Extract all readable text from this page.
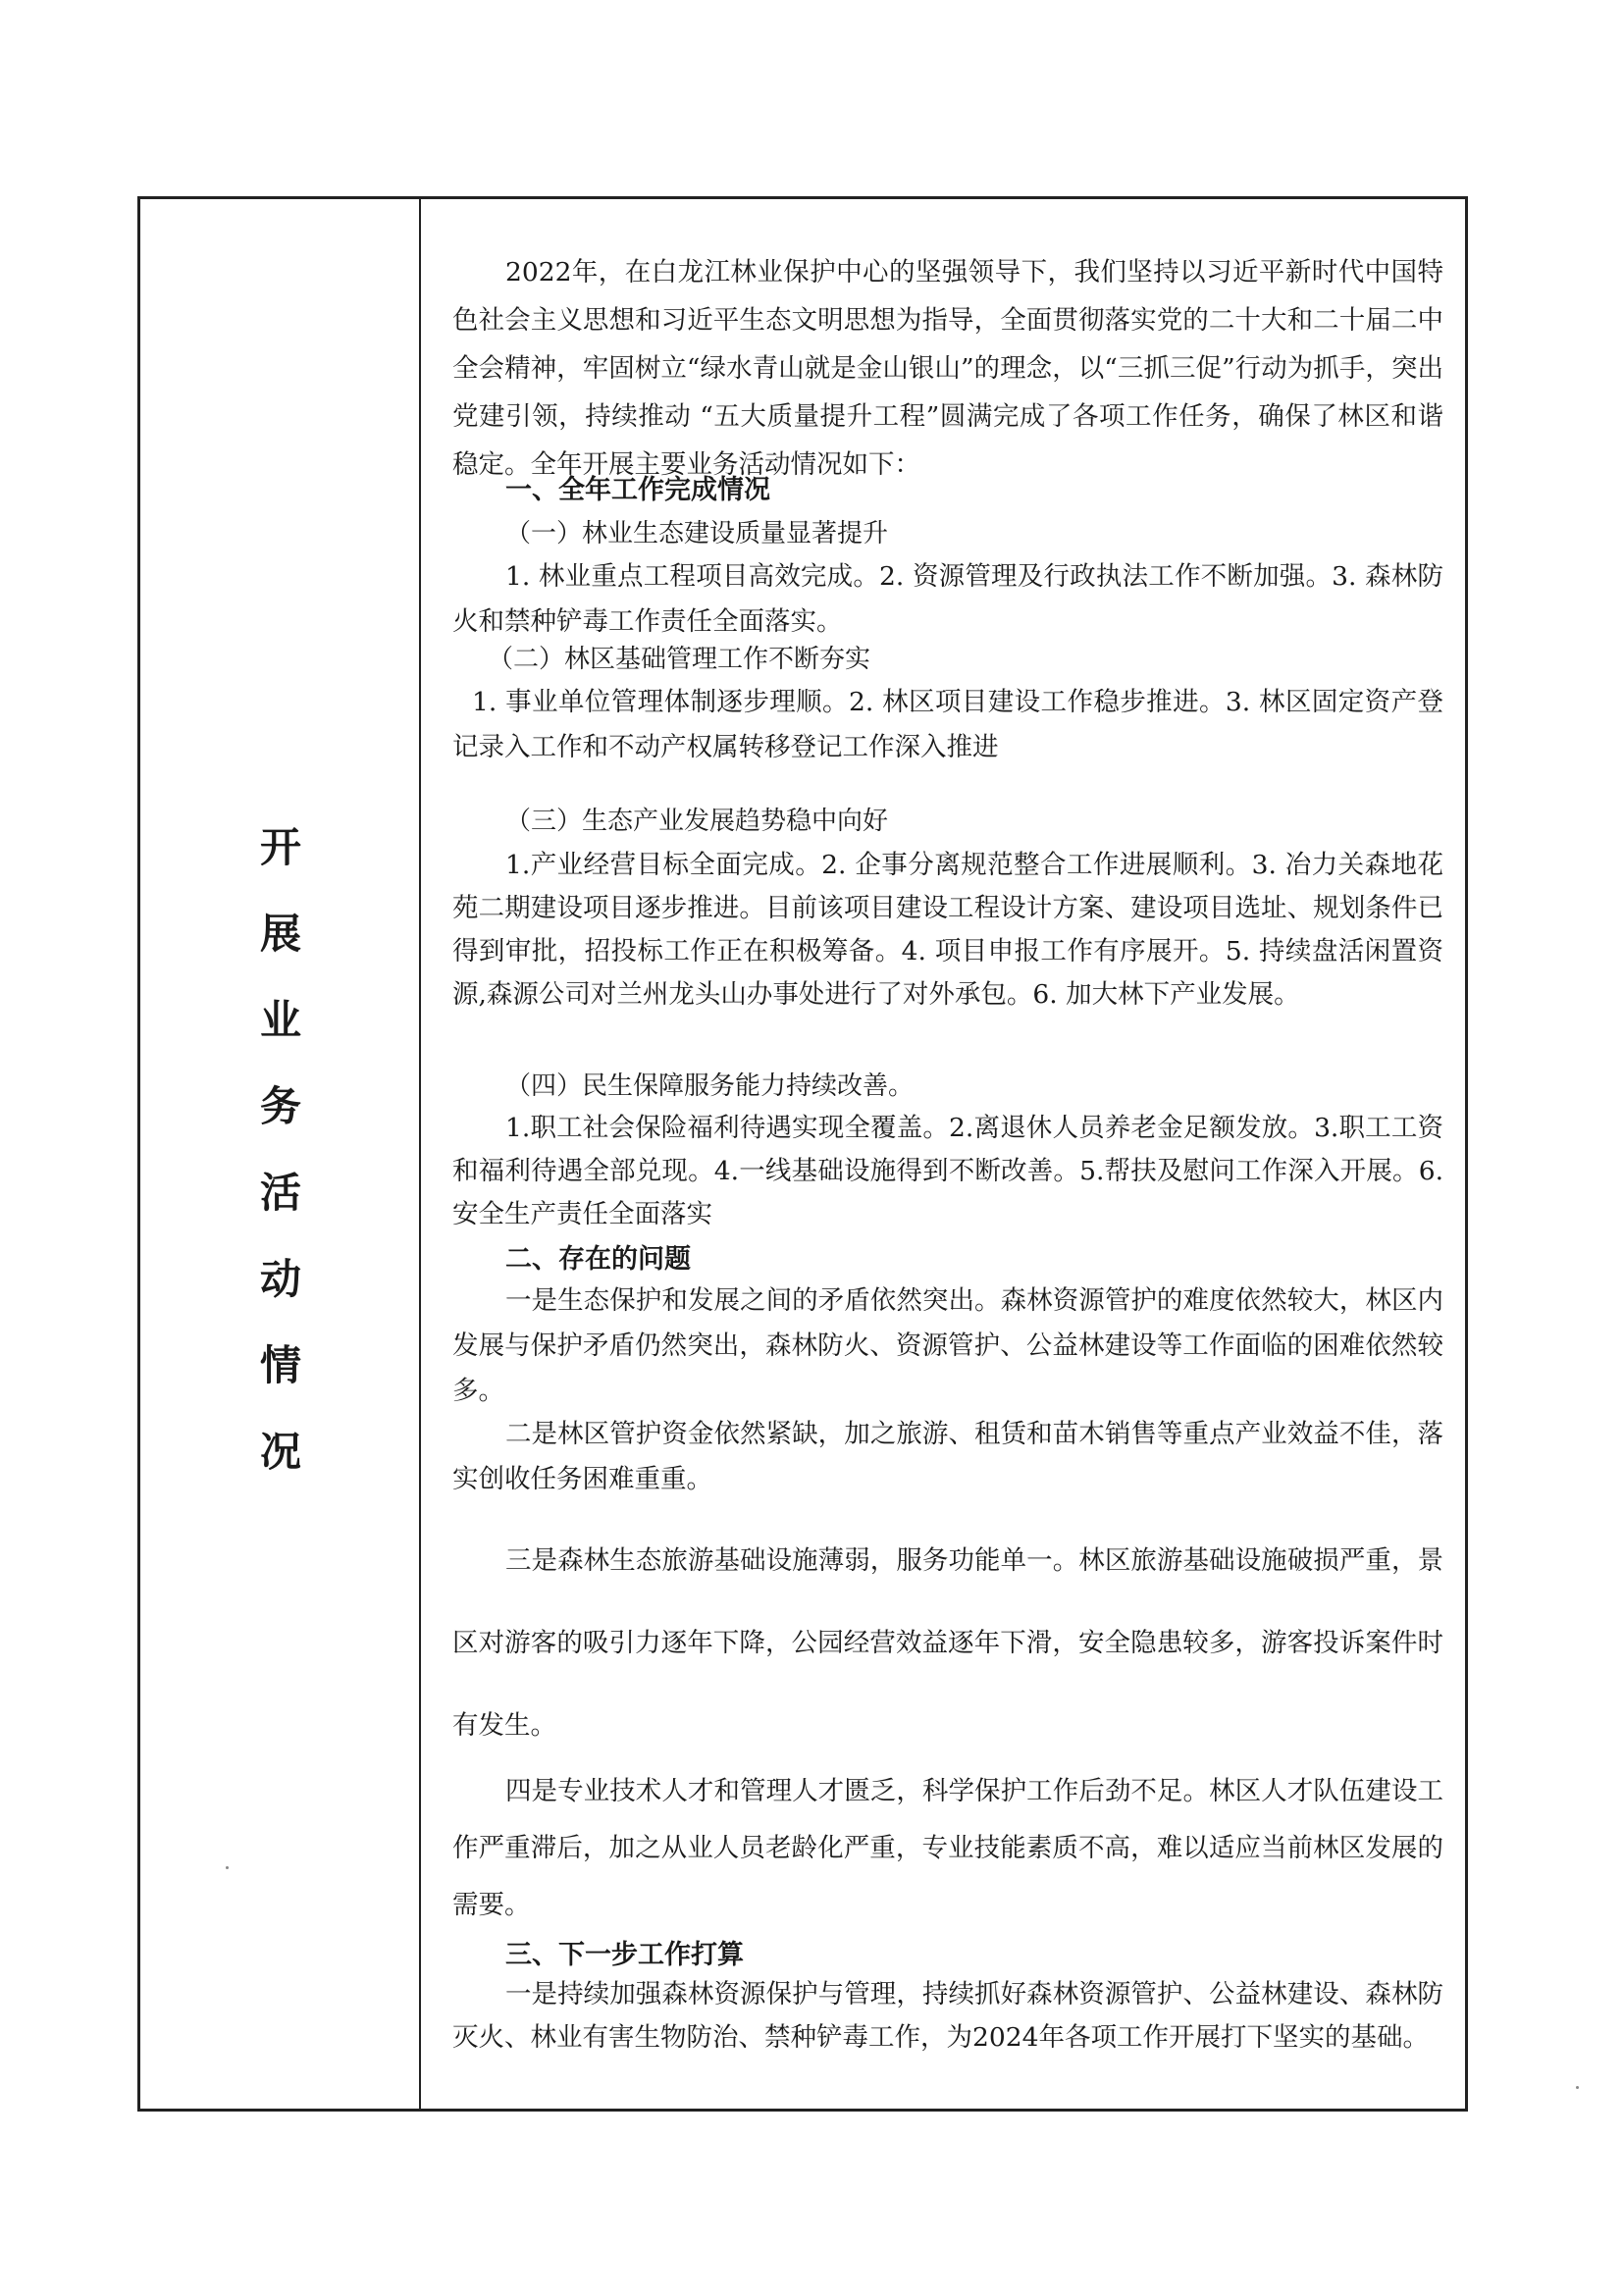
开
展
业
务
活
动
情
况

2022年，在白龙江林业保护中心的坚强领导下，我们坚持以习近平新时代中国特色社会主义思想和习近平生态文明思想为指导，全面贯彻落实党的二十大和二十届二中全会精神，牢固树立“绿水青山就是金山银山”的理念，以“三抓三促”行动为抓手，突出党建引领，持续推动 “五大质量提升工程”圆满完成了各项工作任务，确保了林区和谐稳定。全年开展主要业务活动情况如下：

一、全年工作完成情况

（一）林业生态建设质量显著提升

1. 林业重点工程项目高效完成。2. 资源管理及行政执法工作不断加强。3. 森林防火和禁种铲毒工作责任全面落实。

（二）林区基础管理工作不断夯实

1. 事业单位管理体制逐步理顺。2. 林区项目建设工作稳步推进。3. 林区固定资产登记录入工作和不动产权属转移登记工作深入推进

（三）生态产业发展趋势稳中向好

1.产业经营目标全面完成。2. 企事分离规范整合工作进展顺利。3. 冶力关森地花苑二期建设项目逐步推进。目前该项目建设工程设计方案、建设项目选址、规划条件已得到审批，招投标工作正在积极筹备。4. 项目申报工作有序展开。5. 持续盘活闲置资源,森源公司对兰州龙头山办事处进行了对外承包。6. 加大林下产业发展。

（四）民生保障服务能力持续改善。

1.职工社会保险福利待遇实现全覆盖。2.离退休人员养老金足额发放。3.职工工资和福利待遇全部兑现。4.一线基础设施得到不断改善。5.帮扶及慰问工作深入开展。6.安全生产责任全面落实

二、存在的问题

一是生态保护和发展之间的矛盾依然突出。森林资源管护的难度依然较大，林区内发展与保护矛盾仍然突出，森林防火、资源管护、公益林建设等工作面临的困难依然较多。

二是林区管护资金依然紧缺，加之旅游、租赁和苗木销售等重点产业效益不佳，落实创收任务困难重重。

三是森林生态旅游基础设施薄弱，服务功能单一。林区旅游基础设施破损严重，景区对游客的吸引力逐年下降，公园经营效益逐年下滑，安全隐患较多，游客投诉案件时有发生。

四是专业技术人才和管理人才匮乏，科学保护工作后劲不足。林区人才队伍建设工作严重滞后，加之从业人员老龄化严重，专业技能素质不高，难以适应当前林区发展的需要。

三、下一步工作打算

一是持续加强森林资源保护与管理，持续抓好森林资源管护、公益林建设、森林防灭火、林业有害生物防治、禁种铲毒工作，为2024年各项工作开展打下坚实的基础。
